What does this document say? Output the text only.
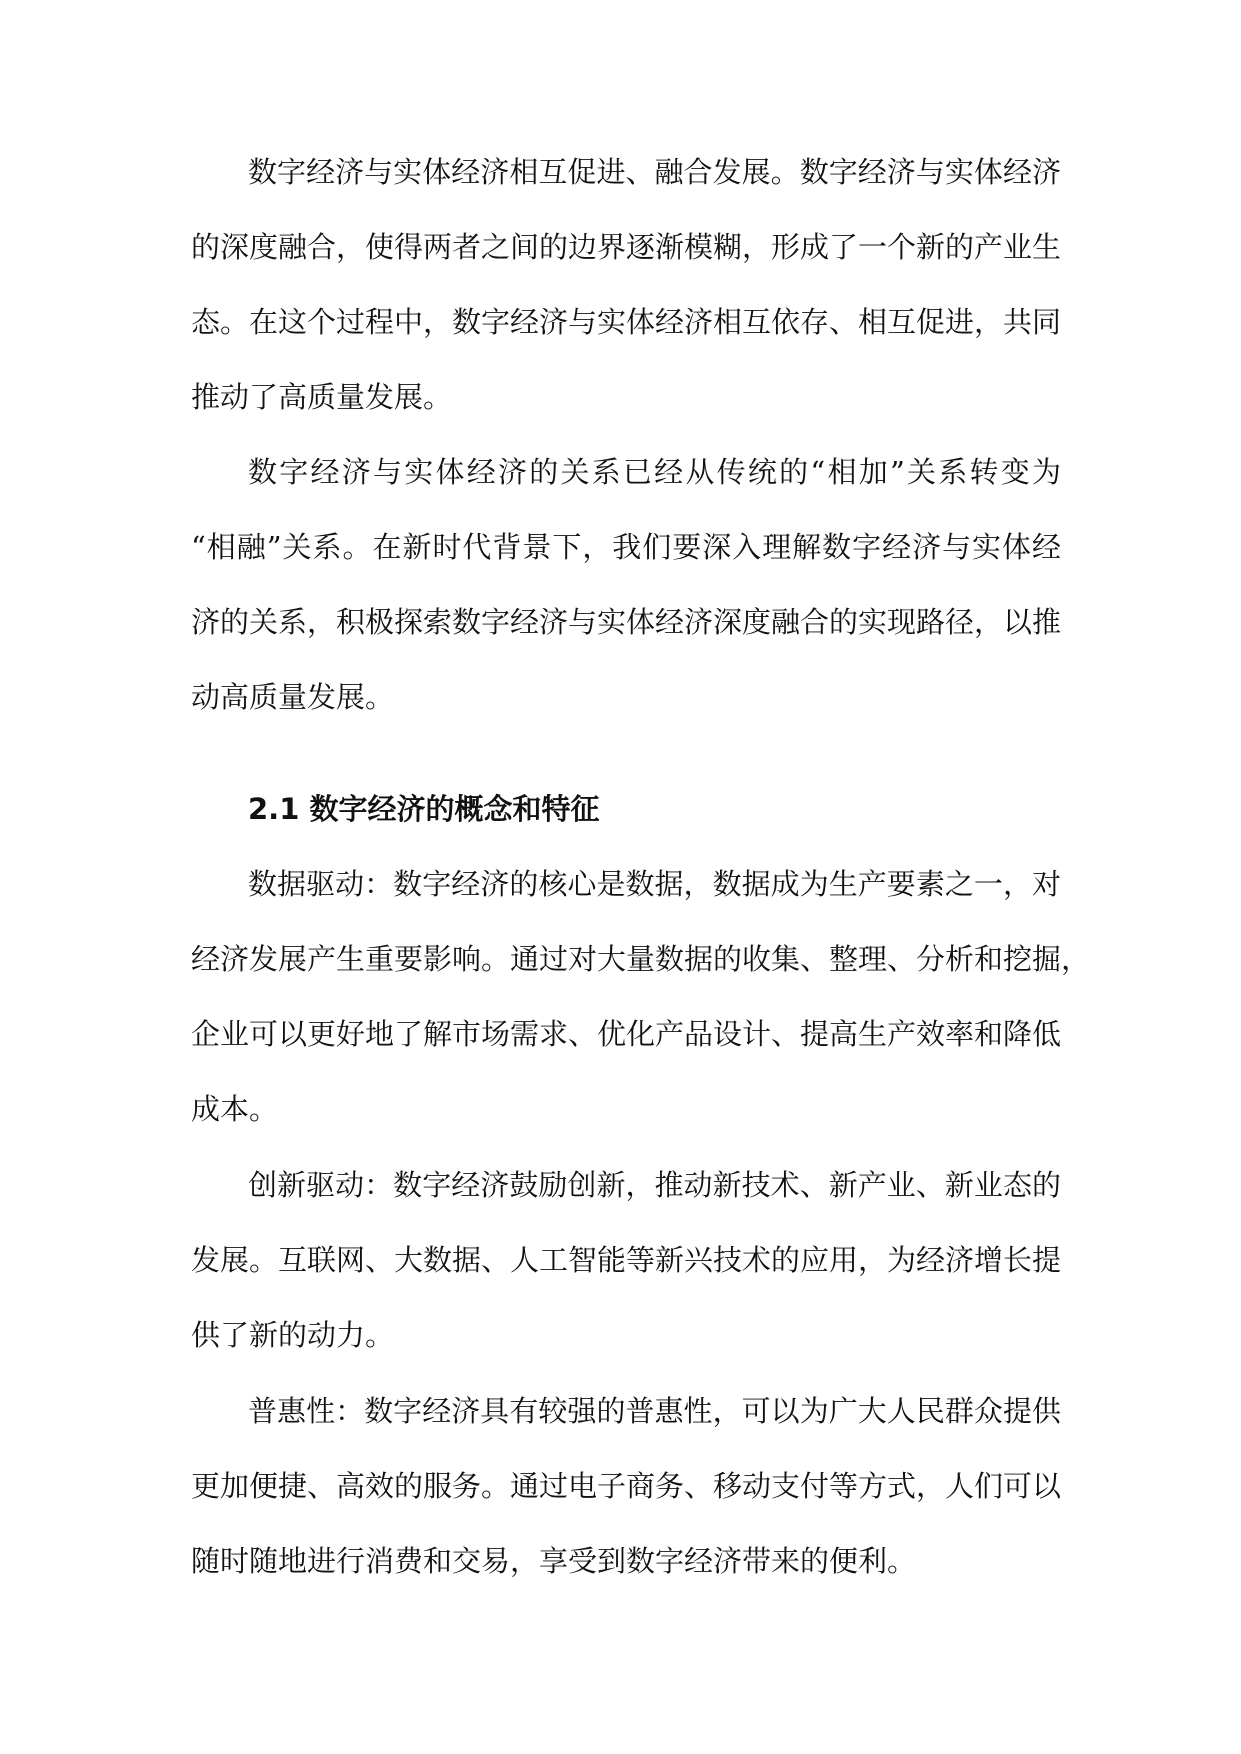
数字经济与实体经济相互促进、融合发展。数字经济与实体经济
的深度融合，使得两者之间的边界逐渐模糊，形成了一个新的产业生
态。在这个过程中，数字经济与实体经济相互依存、相互促进，共同
推动了高质量发展。
数字经济与实体经济的关系已经从传统的“相加”关系转变为
“相融”关系。在新时代背景下，我们要深入理解数字经济与实体经
济的关系，积极探索数字经济与实体经济深度融合的实现路径，以推
动高质量发展。
2.1 数字经济的概念和特征
数据驱动：数字经济的核心是数据，数据成为生产要素之一，对
经济发展产生重要影响。通过对大量数据的收集、整理、分析和挖掘，
企业可以更好地了解市场需求、优化产品设计、提高生产效率和降低
成本。
创新驱动：数字经济鼓励创新，推动新技术、新产业、新业态的
发展。互联网、大数据、人工智能等新兴技术的应用，为经济增长提
供了新的动力。
普惠性：数字经济具有较强的普惠性，可以为广大人民群众提供
更加便捷、高效的服务。通过电子商务、移动支付等方式，人们可以
随时随地进行消费和交易，享受到数字经济带来的便利。
